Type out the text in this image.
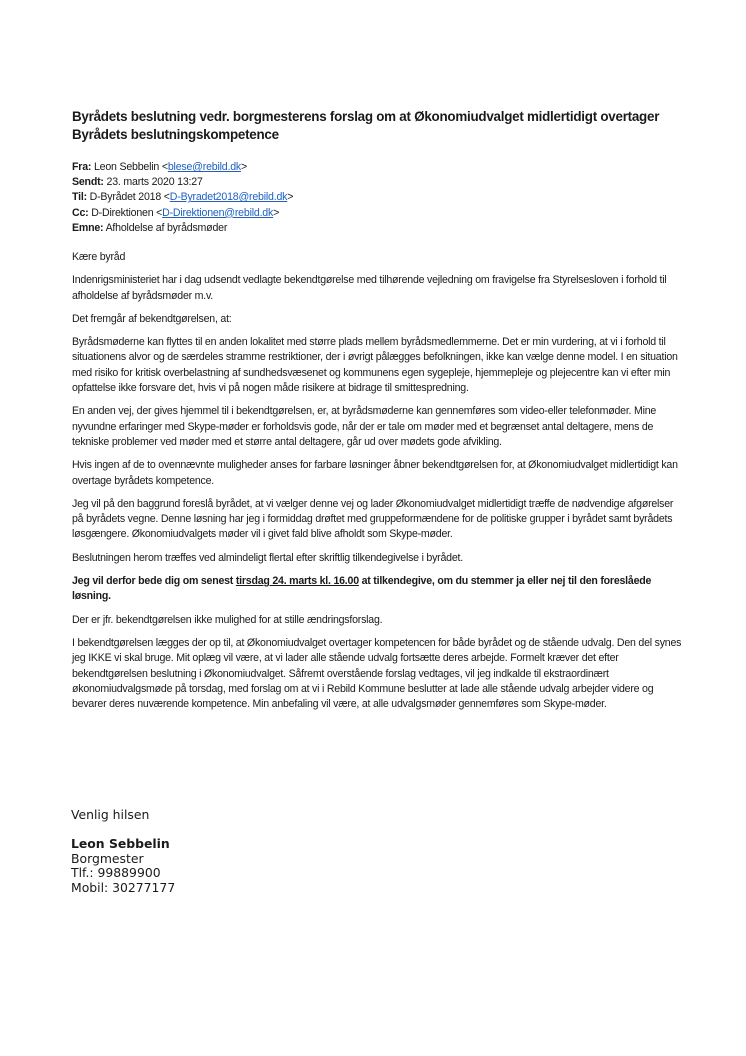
Byrådets beslutning vedr. borgmesterens forslag om at Økonomiudvalget midlertidigt overtager Byrådets beslutningskompetence
Fra: Leon Sebbelin <blese@rebild.dk>
Sendt: 23. marts 2020 13:27
Til: D-Byrådet 2018 <D-Byradet2018@rebild.dk>
Cc: D-Direktionen <D-Direktionen@rebild.dk>
Emne: Afholdelse af byrådsmøder

Kære byråd

Indenrigsministeriet har i dag udsendt vedlagte bekendtgørelse med tilhørende vejledning om fravigelse fra Styrelsesloven i forhold til afholdelse af byrådsmøder m.v.

Det fremgår af bekendtgørelsen, at:

Byrådsmøderne kan flyttes til en anden lokalitet med større plads mellem byrådsmedlemmerne. Det er min vurdering, at vi i forhold til situationens alvor og de særdeles stramme restriktioner, der i øvrigt pålægges befolkningen, ikke kan vælge denne model. I en situation med risiko for kritisk overbelastning af sundhedsvæsenet og kommunens egen sygepleje, hjemmepleje og plejecentre kan vi efter min opfattelse ikke forsvare det, hvis vi på nogen måde risikere at bidrage til smittespredning.

En anden vej, der gives hjemmel til i bekendtgørelsen, er, at byrådsmøderne kan gennemføres som video-eller telefonmøder. Mine nyvundne erfaringer med Skype-møder er forholdsvis gode, når der er tale om møder med et begrænset antal deltagere, mens de tekniske problemer ved møder med et større antal deltagere, går ud over mødets gode afvikling.

Hvis ingen af de to ovennævnte muligheder anses for farbare løsninger åbner bekendtgørelsen for, at Økonomiudvalget midlertidigt kan overtage byrådets kompetence.

Jeg vil på den baggrund foreslå byrådet, at vi vælger denne vej og lader Økonomiudvalget midlertidigt træffe de nødvendige afgørelser på byrådets vegne. Denne løsning har jeg i formiddag drøftet med gruppeformændene for de politiske grupper i byrådet samt byrådets løsgængere. Økonomiudvalgets møder vil i givet fald blive afholdt som Skype-møder.

Beslutningen herom træffes ved almindeligt flertal efter skriftlig tilkendegivelse i byrådet.

Jeg vil derfor bede dig om senest tirsdag 24. marts kl. 16.00 at tilkendegive, om du stemmer ja eller nej til den foreslåede løsning.

Der er jfr. bekendtgørelsen ikke mulighed for at stille ændringsforslag.

I bekendtgørelsen lægges der op til, at Økonomiudvalget overtager kompetencen for både byrådet og de stående udvalg. Den del synes jeg IKKE vi skal bruge. Mit oplæg vil være, at vi lader alle stående udvalg fortsætte deres arbejde. Formelt kræver det efter bekendtgørelsen beslutning i Økonomiudvalget. Såfremt overstående forslag vedtages, vil jeg indkalde til ekstraordinært økonomiudvalgsmøde på torsdag, med forslag om at vi i Rebild Kommune beslutter at lade alle stående udvalg arbejder videre og bevarer deres nuværende kompetence. Min anbefaling vil være, at alle udvalgsmøder gennemføres som Skype-møder.

Venlig hilsen
Leon Sebbelin
Borgmester
Tlf.: 99889900
Mobil: 30277177
